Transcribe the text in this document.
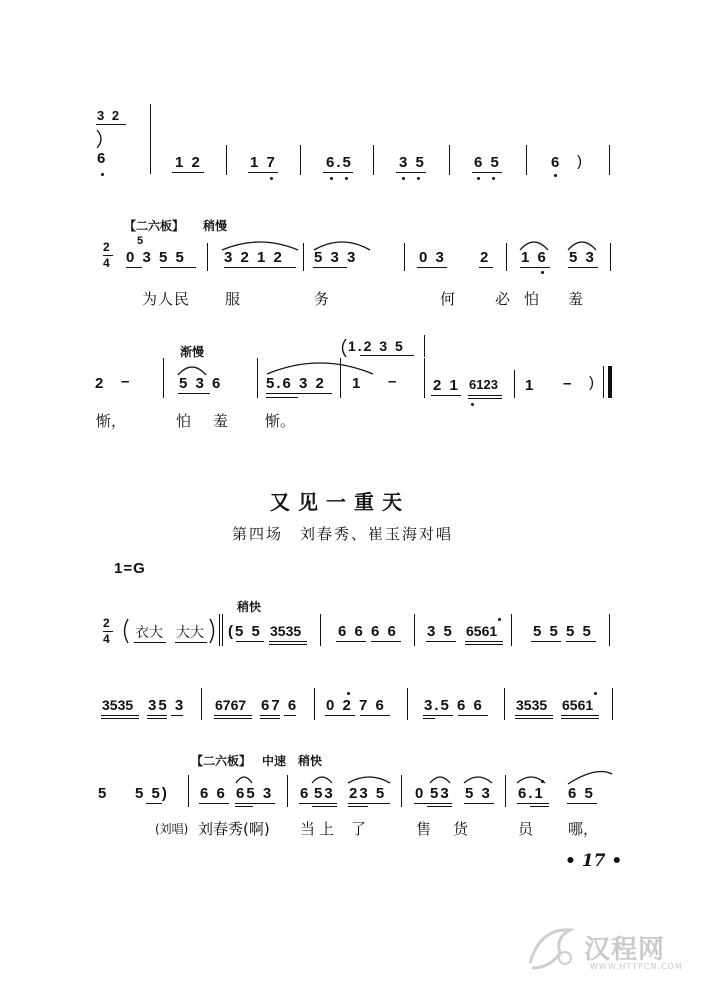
3 2
6	1 2	1 7	6.5	3 5	6 5	6 )
【二六板】 稍慢
2
4
5
0 3 5 5	3 2 1 2 5 3 3	0 3 2 1 6 5 3
为人民 服	务	何	必怕 羞
渐慢	1.2 3 5
2 –	5 3 6	5.6 3 2 1 – 2 1 6123 1 – )
惭，	怕 羞 惭。
又见一重天
第四场　刘春秀、崔玉海对唱
1=G
稍快
2
4 衣大 大大 (5 5 3535 6 6 6 6 3 5 6561 5 5 5 5
3535 35 3 6767 67 6 0 2 7 6	3.5 6 6 3535 6561
【二六板】 中速　稍快
5 5 5) 6 6 65 3 6 53 23 5 0 53 5 3 6.1 6 5
(刘唱) 刘春秀(啊) 当上 了	售货 员 哪，
• 17 •
汉程网
WWW.HTTPCN.COM
